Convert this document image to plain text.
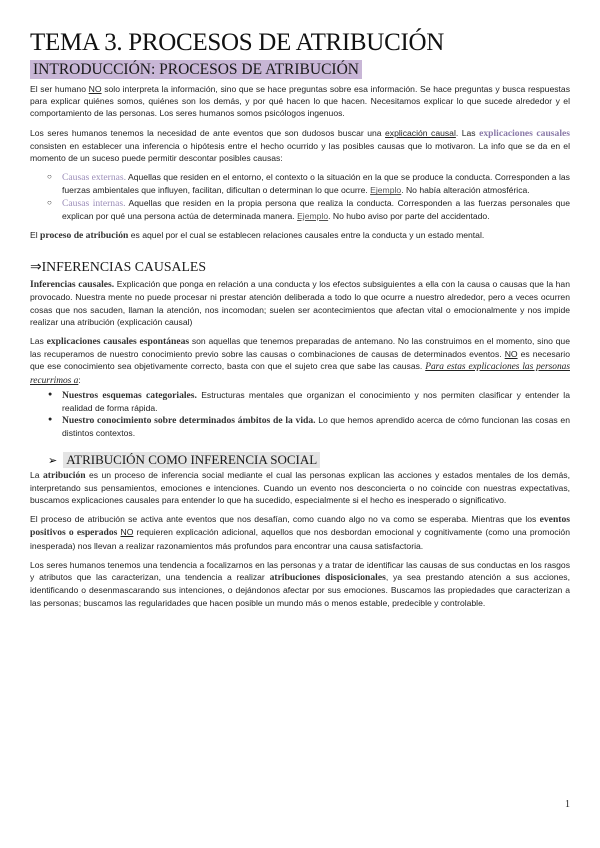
TEMA 3. PROCESOS DE ATRIBUCIÓN
INTRODUCCIÓN: PROCESOS DE ATRIBUCIÓN

El ser humano NO solo interpreta la información, sino que se hace preguntas sobre esa información. Se hace preguntas y busca respuestas para explicar quiénes somos, quiénes son los demás, y por qué hacen lo que hacen. Necesitamos explicar lo que sucede alrededor y el comportamiento de las personas. Los seres humanos somos psicólogos ingenuos.

Los seres humanos tenemos la necesidad de ante eventos que son dudosos buscar una explicación causal. Las explicaciones causales consisten en establecer una inferencia o hipótesis entre el hecho ocurrido y las posibles causas que lo motivaron. La info que se da en el momento de un suceso puede permitir descontar posibles causas:

○ Causas externas. Aquellas que residen en el entorno, el contexto o la situación en la que se produce la conducta. Corresponden a las fuerzas ambientales que influyen, facilitan, dificultan o determinan lo que ocurre. Ejemplo. No había alteración atmosférica.
○ Causas internas. Aquellas que residen en la propia persona que realiza la conducta. Corresponden a las fuerzas personales que explican por qué una persona actúa de determinada manera. Ejemplo. No hubo aviso por parte del accidentado.

El proceso de atribución es aquel por el cual se establecen relaciones causales entre la conducta y un estado mental.

⇒INFERENCIAS CAUSALES

Inferencias causales. Explicación que ponga en relación a una conducta y los efectos subsiguientes a ella con la causa o causas que la han provocado. Nuestra mente no puede procesar ni prestar atención deliberada a todo lo que ocurre a nuestro alrededor, pero a veces ocurren cosas que nos sacuden, llaman la atención, nos incomodan; suelen ser acontecimientos que afectan vital o emocionalmente y nos impide realizar una atribución (explicación causal)

Las explicaciones causales espontáneas son aquellas que tenemos preparadas de antemano. No las construimos en el momento, sino que las recuperamos de nuestro conocimiento previo sobre las causas o combinaciones de causas de determinados eventos. NO es necesario que ese conocimiento sea objetivamente correcto, basta con que el sujeto crea que sabe las causas. Para estas explicaciones las personas recurrimos a:

● Nuestros esquemas categoriales. Estructuras mentales que organizan el conocimiento y nos permiten clasificar y entender la realidad de forma rápida.
● Nuestro conocimiento sobre determinados ámbitos de la vida. Lo que hemos aprendido acerca de cómo funcionan las cosas en distintos contextos.
➢ ATRIBUCIÓN COMO INFERENCIA SOCIAL

La atribución es un proceso de inferencia social mediante el cual las personas explican las acciones y estados mentales de los demás, interpretando sus pensamientos, emociones e intenciones. Cuando un evento nos desconcierta o no coincide con nuestras expectativas, buscamos explicaciones causales para entender lo que ha sucedido, especialmente si el hecho es inesperado o significativo.

El proceso de atribución se activa ante eventos que nos desafían, como cuando algo no va como se esperaba. Mientras que los eventos positivos o esperados NO requieren explicación adicional, aquellos que nos desbordan emocional y cognitivamente (como una promoción inesperada) nos llevan a realizar razonamientos más profundos para encontrar una causa satisfactoria.

Los seres humanos tenemos una tendencia a focalizarnos en las personas y a tratar de identificar las causas de sus conductas en los rasgos y atributos que las caracterizan, una tendencia a realizar atribuciones disposicionales, ya sea prestando atención a sus acciones, identificando o desenmascarando sus intenciones, o dejándonos afectar por sus emociones. Buscamos las propiedades que caracterizan a las personas; buscamos las regularidades que hacen posible un mundo más o menos estable, predecible y controlable.

1
